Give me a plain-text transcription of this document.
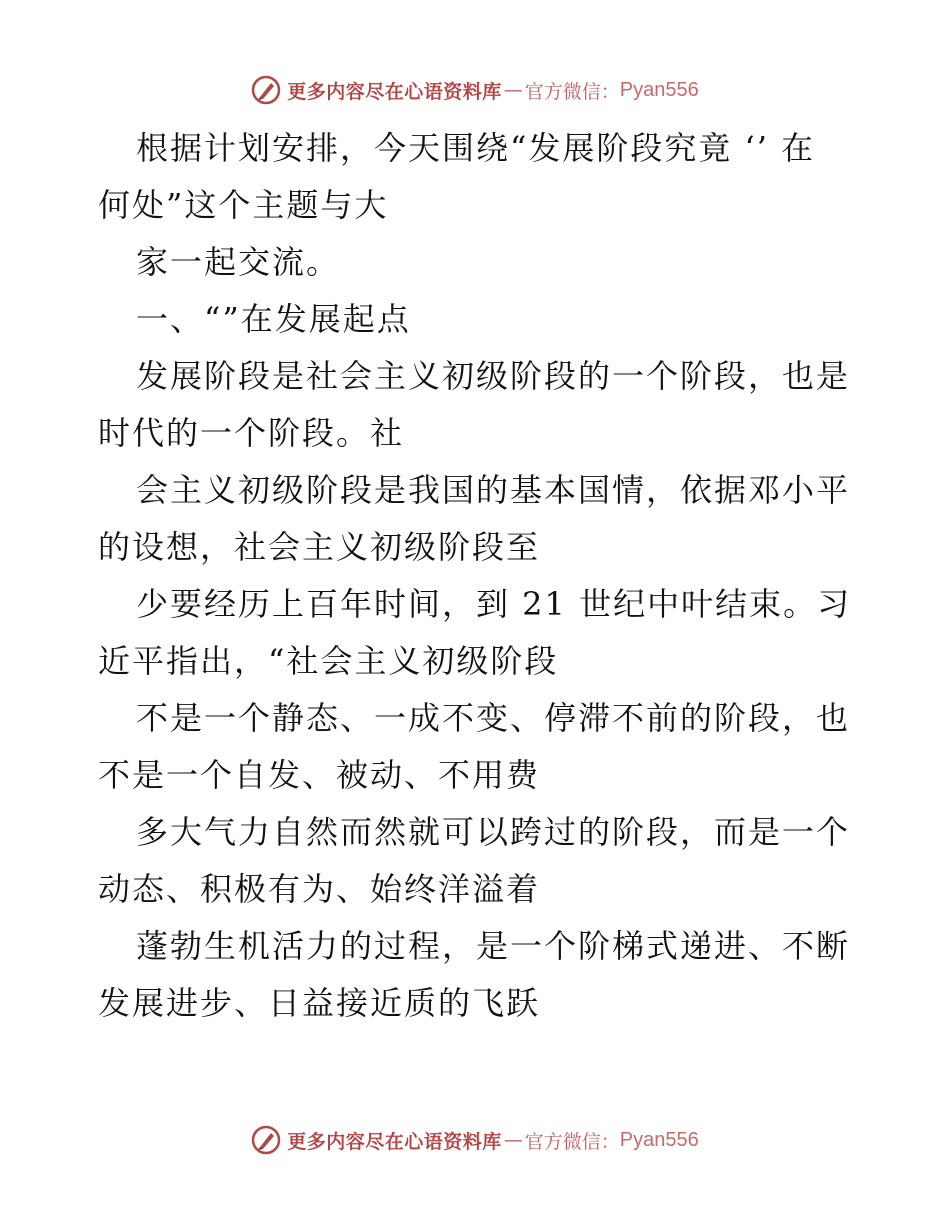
更多内容尽在心语资料库 — 官方微信： Pyan556
根据计划安排，今天围绕“发展阶段究竟 ‘’ 在
何处”这个主题与大
家一起交流。
一、“”在发展起点
发展阶段是社会主义初级阶段的一个阶段，也是
时代的一个阶段。社
会主义初级阶段是我国的基本国情，依据邓小平
的设想，社会主义初级阶段至
少要经历上百年时间，到 21 世纪中叶结束。习
近平指出，“社会主义初级阶段
不是一个静态、一成不变、停滞不前的阶段，也
不是一个自发、被动、不用费
多大气力自然而然就可以跨过的阶段，而是一个
动态、积极有为、始终洋溢着
蓬勃生机活力的过程，是一个阶梯式递进、不断
发展进步、日益接近质的飞跃
更多内容尽在心语资料库 — 官方微信： Pyan556
